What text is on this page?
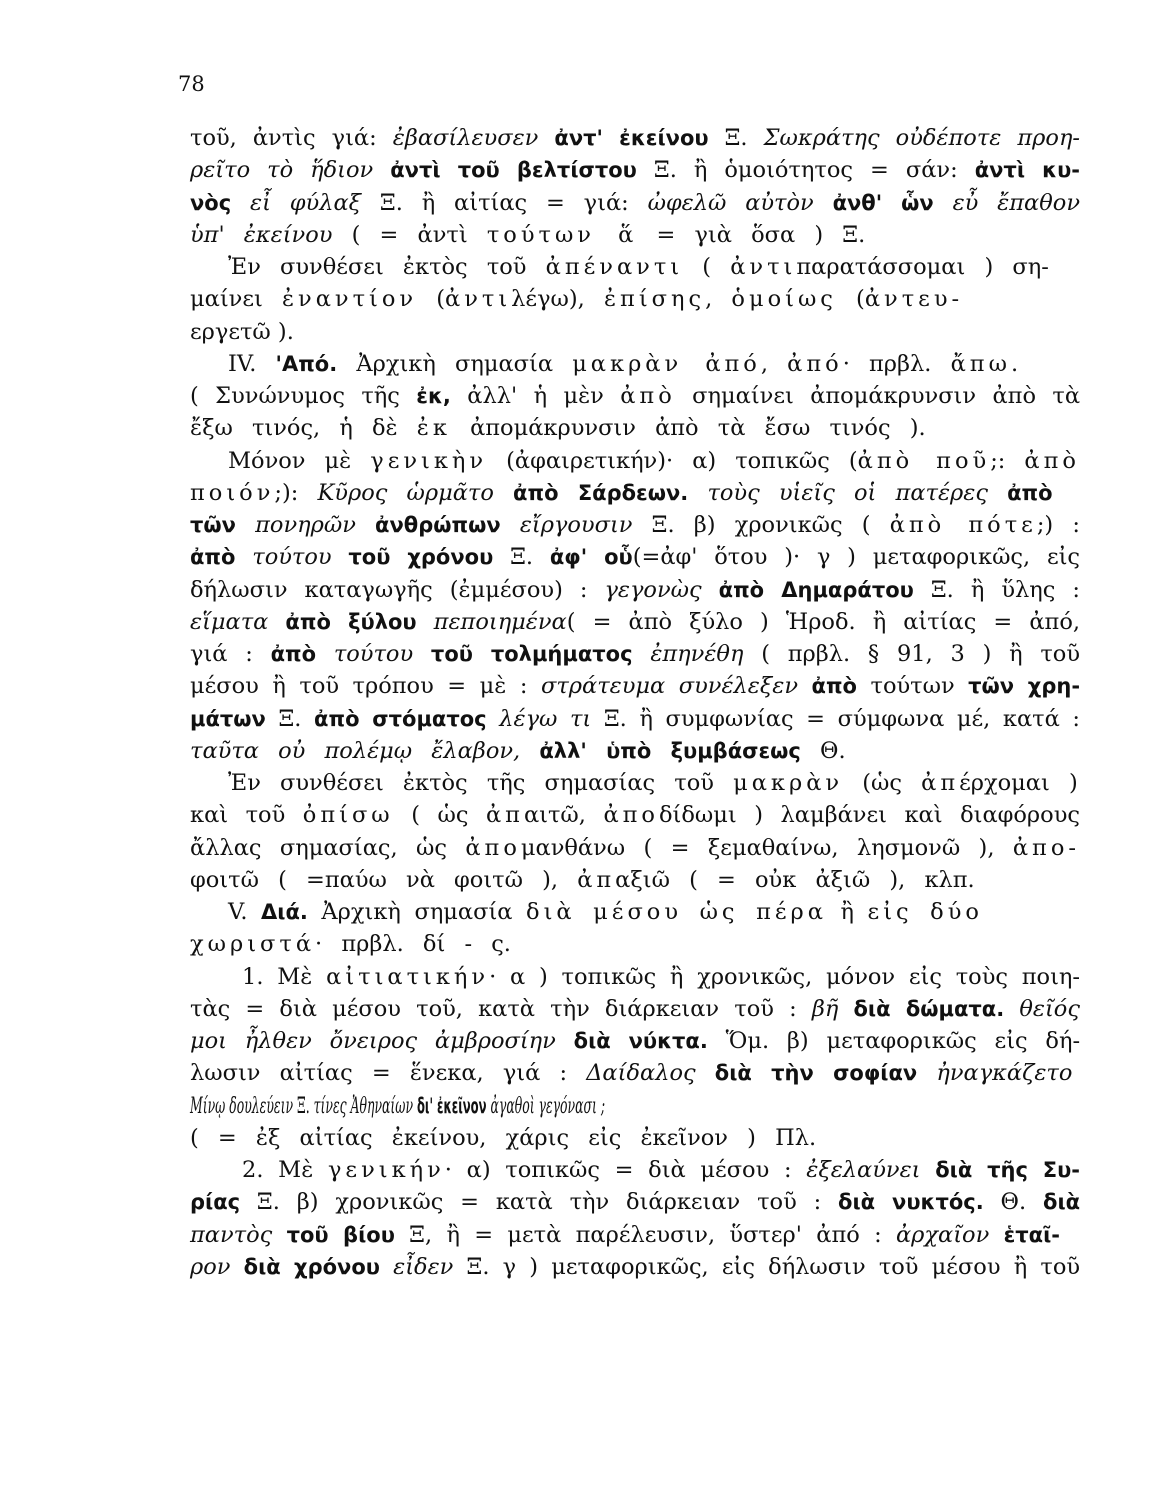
78
τοῦ, ἀντὶς γιά: ἐβασίλευσεν ἀντ' ἐκείνου Ξ. Σωκράτης οὐδέποτε προη-
ρεῖτο τὸ ἥδιον ἀντὶ τοῦ βελτίστου Ξ. ἢ ὁμοιότητος = σάν: ἀντὶ κυ-
νὸς εἶ φύλαξ Ξ. ἢ αἰτίας = γιά: ὠφελῶ αὐτὸν ἀνθ' ὧν εὖ ἔπαθον
ὑπ' ἐκείνου ( = ἀντὶ τούτων ἅ = γιὰ ὅσα ) Ξ.
Ἐν συνθέσει ἐκτὸς τοῦ ἀπέναντι ( ἀντιπαρατάσσομαι ) ση-
μαίνει ἐναντίον (ἀντιλέγω), ἐπίσης, ὁμοίως (ἀντευ-
εργετῶ ).
IV. 'Από. Ἀρχικὴ σημασία μακρὰν ἀπό, ἀπό· πρβλ. ἄπω.
( Συνώνυμος τῆς ἐκ, ἀλλ' ἡ μὲν ἀπὸ σημαίνει ἀπομάκρυνσιν ἀπὸ τὰ
ἔξω τινός, ἡ δὲ ἐκ ἀπομάκρυνσιν ἀπὸ τὰ ἔσω τινός ).
Μόνον μὲ γενικὴν (ἀφαιρετικήν)· α) τοπικῶς (ἀπὸ ποῦ;: ἀπὸ
ποιόν;): Κῦρος ὡρμᾶτο ἀπὸ Σάρδεων. τοὺς υἱεῖς οἱ πατέρες ἀπὸ
τῶν πονηρῶν ἀνθρώπων εἴργουσιν Ξ. β) χρονικῶς ( ἀπὸ πότε;) :
ἀπὸ τούτου τοῦ χρόνου Ξ. ἀφ' οὗ(=ἀφ' ὅτου )· γ ) μεταφορικῶς, εἰς
δήλωσιν καταγωγῆς (ἐμμέσου) : γεγονὼς ἀπὸ Δημαράτου Ξ. ἢ ὕλης :
εἵματα ἀπὸ ξύλου πεποιημένα( = ἀπὸ ξύλο ) Ἡροδ. ἢ αἰτίας = ἀπό,
γιά : ἀπὸ τούτου τοῦ τολμήματος ἐπηνέθη ( πρβλ. § 91, 3 ) ἢ τοῦ
μέσου ἢ τοῦ τρόπου = μὲ : στράτευμα συνέλεξεν ἀπὸ τούτων τῶν χρη-
μάτων Ξ. ἀπὸ στόματος λέγω τι Ξ. ἢ συμφωνίας = σύμφωνα μέ, κατά :
ταῦτα οὐ πολέμῳ ἔλαβον, ἀλλ' ὑπὸ ξυμβάσεως Θ.
Ἐν συνθέσει ἐκτὸς τῆς σημασίας τοῦ μακρὰν (ὡς ἀπέρχομαι )
καὶ τοῦ ὀπίσω ( ὡς ἀπαιτῶ, ἀποδίδωμι ) λαμβάνει καὶ διαφόρους
ἄλλας σημασίας, ὡς ἀπομανθάνω ( = ξεμαθαίνω, λησμονῶ ), ἀπο-
φοιτῶ ( =παύω νὰ φοιτῶ ), ἀπαξιῶ ( = οὐκ ἀξιῶ ), κλπ.
V. Διά. Ἀρχικὴ σημασία διὰ μέσου ὡς πέρα ἢ εἰς δύο
χωριστά· πρβλ. δί - ς.
1. Μὲ αἰτιατικήν· α ) τοπικῶς ἢ χρονικῶς, μόνον εἰς τοὺς ποιη-
τὰς = διὰ μέσου τοῦ, κατὰ τὴν διάρκειαν τοῦ : βῆ διὰ δώματα. θεῖός
μοι ἦλθεν ὄνειρος ἀμβροσίην διὰ νύκτα. Ὅμ. β) μεταφορικῶς εἰς δή-
λωσιν αἰτίας = ἕνεκα, γιά : Δαίδαλος διὰ τὴν σοφίαν ἠναγκάζετο
Μίνῳ δουλεύειν Ξ. τίνες Ἀθηναίων δι' ἐκεῖνον ἀγαθοὶ γεγόνασι ;
( = ἐξ αἰτίας ἐκείνου, χάρις εἰς ἐκεῖνον ) Πλ.
2. Μὲ γενικήν· α) τοπικῶς = διὰ μέσου : ἐξελαύνει διὰ τῆς Συ-
ρίας Ξ. β) χρονικῶς = κατὰ τὴν διάρκειαν τοῦ : διὰ νυκτός. Θ. διὰ
παντὸς τοῦ βίου Ξ, ἢ = μετὰ παρέλευσιν, ὕστερ' ἀπό : ἀρχαῖον ἑταῖ-
ρον διὰ χρόνου εἶδεν Ξ. γ ) μεταφορικῶς, εἰς δήλωσιν τοῦ μέσου ἢ τοῦ
